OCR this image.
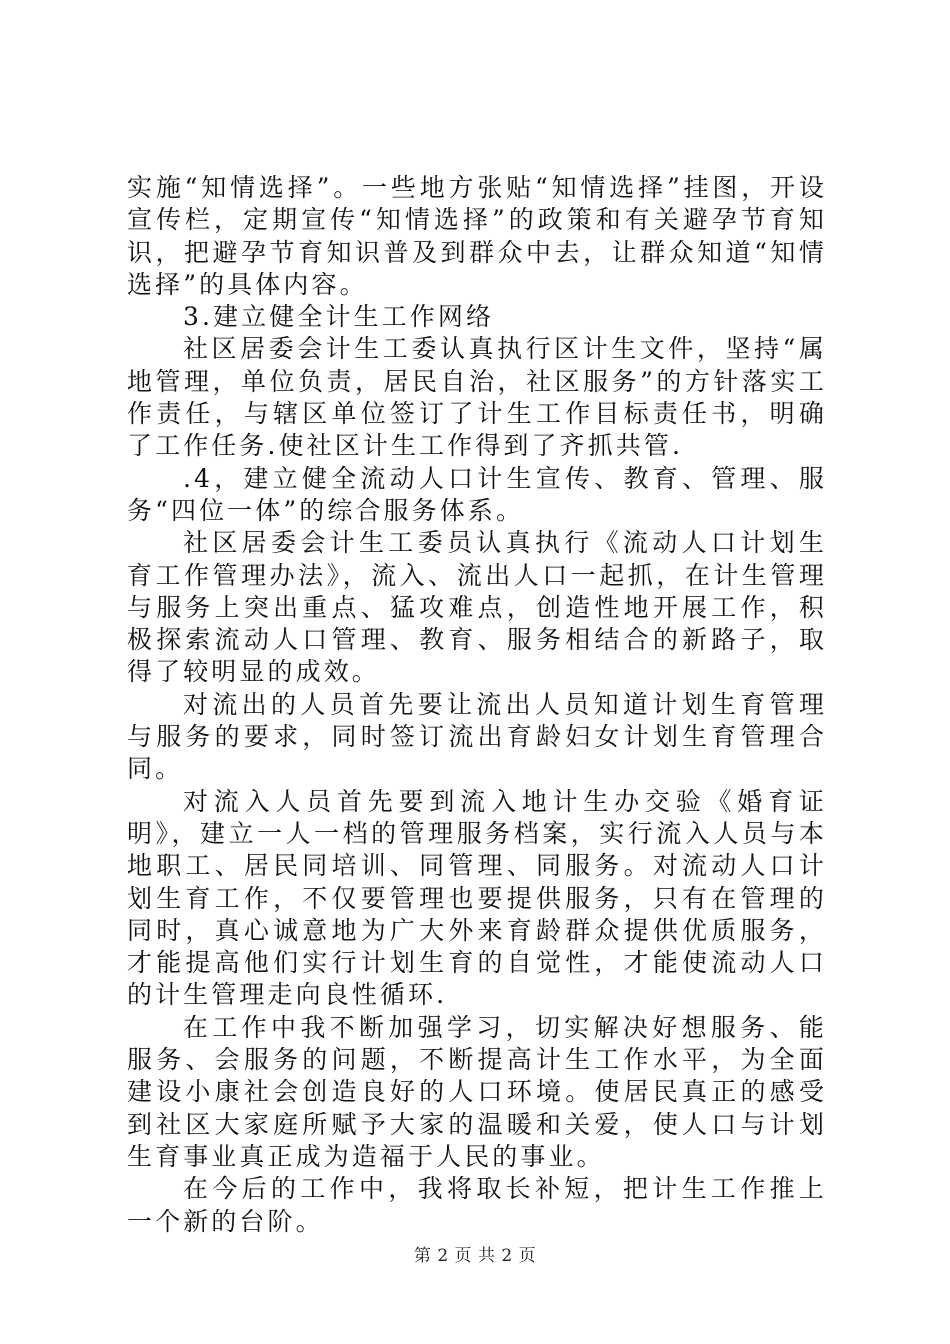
实施“知情选择”。一些地方张贴“知情选择”挂图，开设宣传栏，定期宣传“知情选择”的政策和有关避孕节育知识，把避孕节育知识普及到群众中去，让群众知道“知情选择”的具体内容。

3.建立健全计生工作网络

社区居委会计生工委认真执行区计生文件，坚持“属地管理，单位负责，居民自治，社区服务”的方针落实工作责任，与辖区单位签订了计生工作目标责任书，明确了工作任务.使社区计生工作得到了齐抓共管.

.4，建立健全流动人口计生宣传、教育、管理、服务“四位一体”的综合服务体系。

社区居委会计生工委员认真执行《流动人口计划生育工作管理办法》，流入、流出人口一起抓，在计生管理与服务上突出重点、猛攻难点，创造性地开展工作，积极探索流动人口管理、教育、服务相结合的新路子，取得了较明显的成效。

对流出的人员首先要让流出人员知道计划生育管理与服务的要求，同时签订流出育龄妇女计划生育管理合同。

对流入人员首先要到流入地计生办交验《婚育证明》，建立一人一档的管理服务档案，实行流入人员与本地职工、居民同培训、同管理、同服务。对流动人口计划生育工作，不仅要管理也要提供服务，只有在管理的同时，真心诚意地为广大外来育龄群众提供优质服务，才能提高他们实行计划生育的自觉性，才能使流动人口的计生管理走向良性循环.

在工作中我不断加强学习，切实解决好想服务、能服务、会服务的问题，不断提高计生工作水平，为全面建设小康社会创造良好的人口环境。使居民真正的感受到社区大家庭所赋予大家的温暖和关爱，使人口与计划生育事业真正成为造福于人民的事业。

在今后的工作中，我将取长补短，把计生工作推上一个新的台阶。

第 2 页 共 2 页
